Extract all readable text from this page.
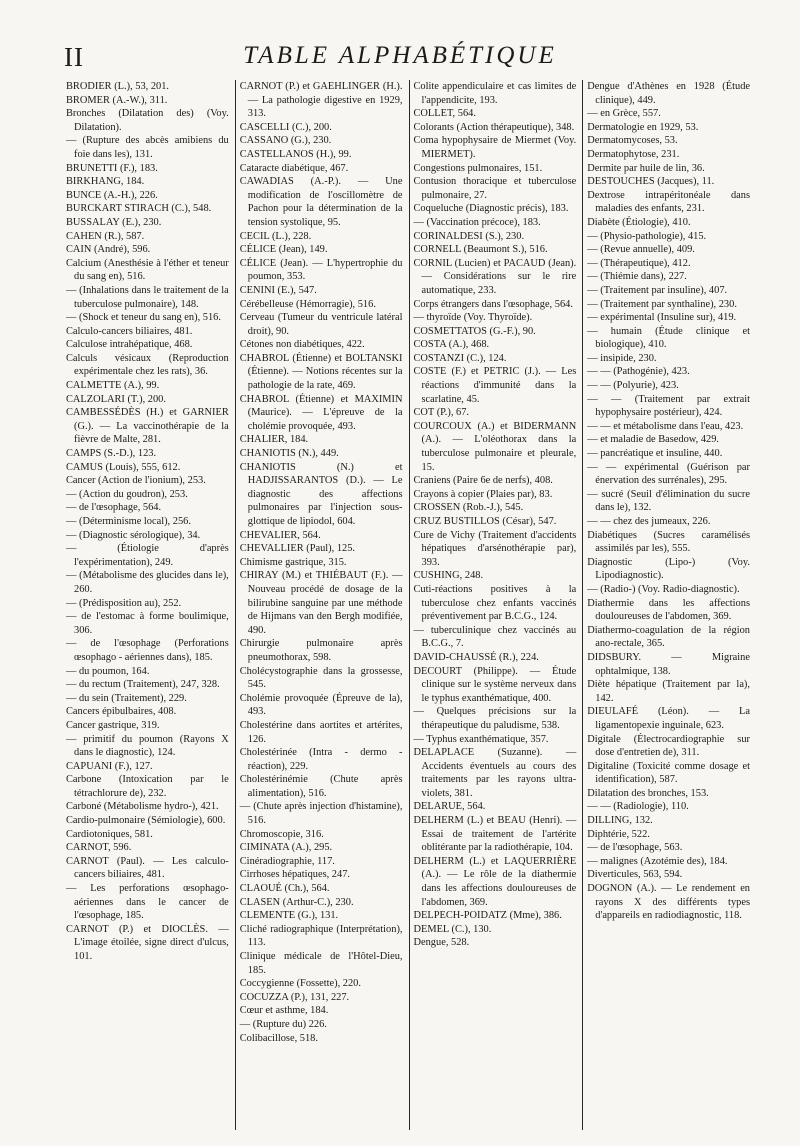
II	TABLE ALPHABÉTIQUE

BRODIER (L.), 53, 201.

BROMER (A.-W.), 311.

Bronches (Dilatation des) (Voy. Dilatation).

— (Rupture des abcès amibiens du foie dans les), 131.

BRUNETTI (F.), 183.

BIRKHANG, 184.

BUNCE (A.-H.), 226.

BURCKART STIRACH (C.), 548.

BUSSALAY (E.), 230.

CAHEN (R.), 587.

CAIN (André), 596.

Calcium (Anesthésie à l'éther et teneur du sang en), 516.

— (Inhalations dans le traitement de la tuberculose pulmonaire), 148.

— (Shock et teneur du sang en), 516.

Calculo-cancers biliaires, 481.

Calculose intrahépatique, 468.

Calculs vésicaux (Reproduction expérimentale chez les rats), 36.

CALMETTE (A.), 99.

CALZOLARI (T.), 200.

CAMBESSÉDÈS (H.) et GARNIER (G.). — La vaccinothérapie de la fièvre de Malte, 281.

CAMPS (S.-D.), 123.

CAMUS (Louis), 555, 612.

Cancer (Action de l'ionium), 253.

— (Action du goudron), 253.

— de l'œsophage, 564.

— (Déterminisme local), 256.

— (Diagnostic sérologique), 34.

— (Étiologie d'après l'expérimentation), 249.

— (Métabolisme des glucides dans le), 260.

— (Prédisposition au), 252.

— de l'estomac à forme boulimique, 306.

— de l'œsophage (Perforations œsophago - aériennes dans), 185.

— du poumon, 164.

— du rectum (Traitement), 247, 328.

— du sein (Traitement), 229.

Cancers épibulbaires, 408.

Cancer gastrique, 319.

— primitif du poumon (Rayons X dans le diagnostic), 124.

CAPUANI (F.), 127.

Carbone (Intoxication par le tétrachlorure de), 232.

Carboné (Métabolisme hydro-), 421.

Cardio-pulmonaire (Sémiologie), 600.

Cardiotoniques, 581.

CARNOT, 596.

CARNOT (Paul). — Les calculo-cancers biliaires, 481.

— Les perforations œsophago-aériennes dans le cancer de l'œsophage, 185.

CARNOT (P.) et DIOCLÈS. — L'image étoilée, signe direct d'ulcus, 101.

CARNOT (P.) et GAEHLINGER (H.). — La pathologie digestive en 1929, 313.

CASCELLI (C.), 200.

CASSANO (G.), 230.

CASTELLANOS (H.), 99.

Cataracte diabétique, 467.

CAWADIAS (A.-P.). — Une modification de l'oscillomètre de Pachon pour la détermination de la tension systolique, 95.

CECIL (L.), 228.

CÉLICE (Jean), 149.

CÉLICE (Jean). — L'hypertrophie du poumon, 353.

CENINI (E.), 547.

Cérébelleuse (Hémorragie), 516.

Cerveau (Tumeur du ventricule latéral droit), 90.

Cétones non diabétiques, 422.

CHABROL (Étienne) et BOLTANSKI (Étienne). — Notions récentes sur la pathologie de la rate, 469.

CHABROL (Étienne) et MAXIMIN (Maurice). — L'épreuve de la cholémie provoquée, 493.

CHALIER, 184.

CHANIOTIS (N.), 449.

CHANIOTIS (N.) et HADJISSARANTOS (D.). — Le diagnostic des affections pulmonaires par l'injection sous-glottique de lipiodol, 604.

CHEVALIER, 564.

CHEVALLIER (Paul), 125.

Chimisme gastrique, 315.

CHIRAY (M.) et THIÉBAUT (F.). — Nouveau procédé de dosage de la bilirubine sanguine par une méthode de Hijmans van den Bergh modifiée, 490.

Chirurgie pulmonaire après pneumothorax, 598.

Cholécystographie dans la grossesse, 545.

Cholémie provoquée (Épreuve de la), 493.

Cholestérine dans aortites et artérites, 126.

Cholestérinée (Intra - dermo - réaction), 229.

Cholestérinémie (Chute après alimentation), 516.

— (Chute après injection d'histamine), 516.

Chromoscopie, 316.

CIMINATA (A.), 295.

Cinéradiographie, 117.

Cirrhoses hépatiques, 247.

CLAOUÉ (Ch.), 564.

CLASEN (Arthur-C.), 230.

CLEMENTE (G.), 131.

Cliché radiographique (Interprétation), 113.

Clinique médicale de l'Hôtel-Dieu, 185.

Coccygienne (Fossette), 220.

COCUZZA (P.), 131, 227.

Cœur et asthme, 184.

— (Rupture du) 226.

Colibacillose, 518.

Colite appendiculaire et cas limites de l'appendicite, 193.

COLLET, 564.

Colorants (Action thérapeutique), 348.

Coma hypophysaire de Miermet (Voy. MIERMET).

Congestions pulmonaires, 151.

Contusion thoracique et tuberculose pulmonaire, 27.

Coqueluche (Diagnostic précis), 183.

— (Vaccination précoce), 183.

CORINALDESI (S.), 230.

CORNELL (Beaumont S.), 516.

CORNIL (Lucien) et PACAUD (Jean). — Considérations sur le rire automatique, 233.

Corps étrangers dans l'œsophage, 564.

— thyroïde (Voy. Thyroïde).

COSMETTATOS (G.-F.), 90.

COSTA (A.), 468.

COSTANZI (C.), 124.

COSTE (F.) et PETRIC (J.). — Les réactions d'immunité dans la scarlatine, 45.

COT (P.), 67.

COURCOUX (A.) et BIDERMANN (A.). — L'oléothorax dans la tuberculose pulmonaire et pleurale, 15.

Craniens (Paire 6e de nerfs), 408.

Crayons à copier (Plaies par), 83.

CROSSEN (Rob.-J.), 545.

CRUZ BUSTILLOS (César), 547.

Cure de Vichy (Traitement d'accidents hépatiques d'arsénothérapie par), 393.

CUSHING, 248.

Cuti-réactions positives à la tuberculose chez enfants vaccinés préventivement par B.C.G., 124.

— tuberculinique chez vaccinés au B.C.G., 7.

DAVID-CHAUSSÉ (R.), 224.

DECOURT (Philippe). — Étude clinique sur le système nerveux dans le typhus exanthématique, 400.

— Quelques précisions sur la thérapeutique du paludisme, 538.

— Typhus exanthématique, 357.

DELAPLACE (Suzanne). — Accidents éventuels au cours des traitements par les rayons ultra-violets, 381.

DELARUE, 564.

DELHERM (L.) et BEAU (Henri). — Essai de traitement de l'artérite oblitérante par la radiothérapie, 104.

DELHERM (L.) et LAQUERRIÈRE (A.). — Le rôle de la diathermie dans les affections douloureuses de l'abdomen, 369.

DELPECH-POIDATZ (Mme), 386.

DEMEL (C.), 130.

Dengue, 528.

Dengue d'Athènes en 1928 (Étude clinique), 449.

— en Grèce, 557.

Dermatologie en 1929, 53.

Dermatomycoses, 53.

Dermatophytose, 231.

Dermite par huile de lin, 36.

DESTOUCHES (Jacques), 11.

Dextrose intrapéritonéale dans maladies des enfants, 231.

Diabète (Étiologie), 410.

— (Physio-pathologie), 415.

— (Revue annuelle), 409.

— (Thérapeutique), 412.

— (Thiémie dans), 227.

— (Traitement par insuline), 407.

— (Traitement par synthaline), 230.

— expérimental (Insuline sur), 419.

— humain (Étude clinique et biologique), 410.

— insipide, 230.

— — (Pathogénie), 423.

— — (Polyurie), 423.

— — (Traitement par extrait hypophysaire postérieur), 424.

— — et métabolisme dans l'eau, 423.

— et maladie de Basedow, 429.

— pancréatique et insuline, 440.

— — expérimental (Guérison par énervation des surrénales), 295.

— sucré (Seuil d'élimination du sucre dans le), 132.

— — chez des jumeaux, 226.

Diabétiques (Sucres caramélisés assimilés par les), 555.

Diagnostic (Lipo-) (Voy. Lipodiagnostic).

— (Radio-) (Voy. Radio-diagnostic).

Diathermie dans les affections douloureuses de l'abdomen, 369.

Diathermo-coagulation de la région ano-rectale, 365.

DIDSBURY. — Migraine ophtalmique, 138.

Diète hépatique (Traitement par la), 142.

DIEULAFÉ (Léon). — La ligamentopexie inguinale, 623.

Digitale (Électrocardiographie sur dose d'entretien de), 311.

Digitaline (Toxicité comme dosage et identification), 587.

Dilatation des bronches, 153.

— — (Radiologie), 110.

DILLING, 132.

Diphtérie, 522.

— de l'œsophage, 563.

— malignes (Azotémie des), 184.

Diverticules, 563, 594.

DOGNON (A.). — Le rendement en rayons X des différents types d'appareils en radiodiagnostic, 118.
